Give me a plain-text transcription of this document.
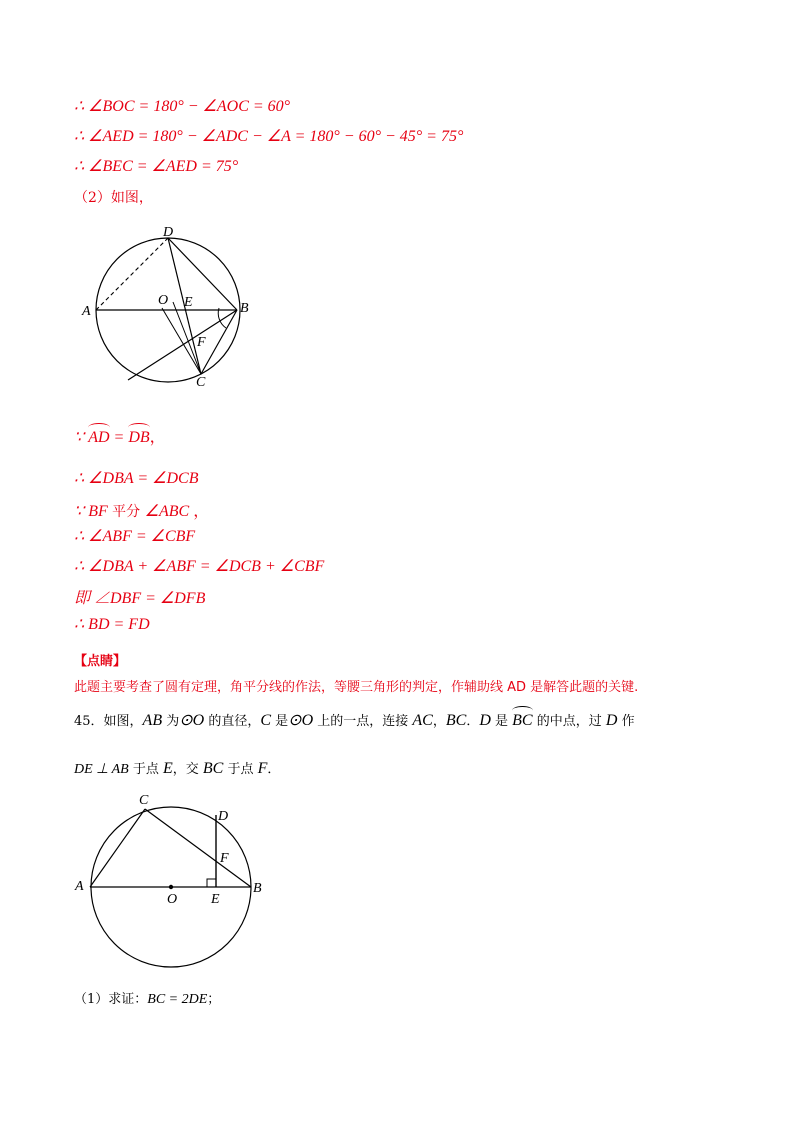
∴ ∠BOC = 180° − ∠AOC = 60°
∴ ∠AED = 180° − ∠ADC − ∠A = 180° − 60° − 45° = 75°
∴ ∠BEC = ∠AED = 75°
（2）如图，
A	B
D
O E
F
C
∵ AD = DB，
∴ ∠DBA = ∠DCB
∵ BF 平分 ∠ABC ，
∴ ∠ABF = ∠CBF
∴ ∠DBA + ∠ABF = ∠DCB + ∠CBF
即 ∠DBF = ∠DFB
∴ BD = FD
【点睛】
此题主要考查了圆有定理，角平分线的作法，等腰三角形的判定，作辅助线 AD 是解答此题的关键.
45．如图，AB 为⊙O 的直径，C 是⊙O 上的一点，连接 AC，BC．D 是 BC 的中点，过 D 作
DE ⊥ AB 于点 E，交 BC 于点 F．
A	B
C
D
O E
F
（1）求证：BC = 2DE；
